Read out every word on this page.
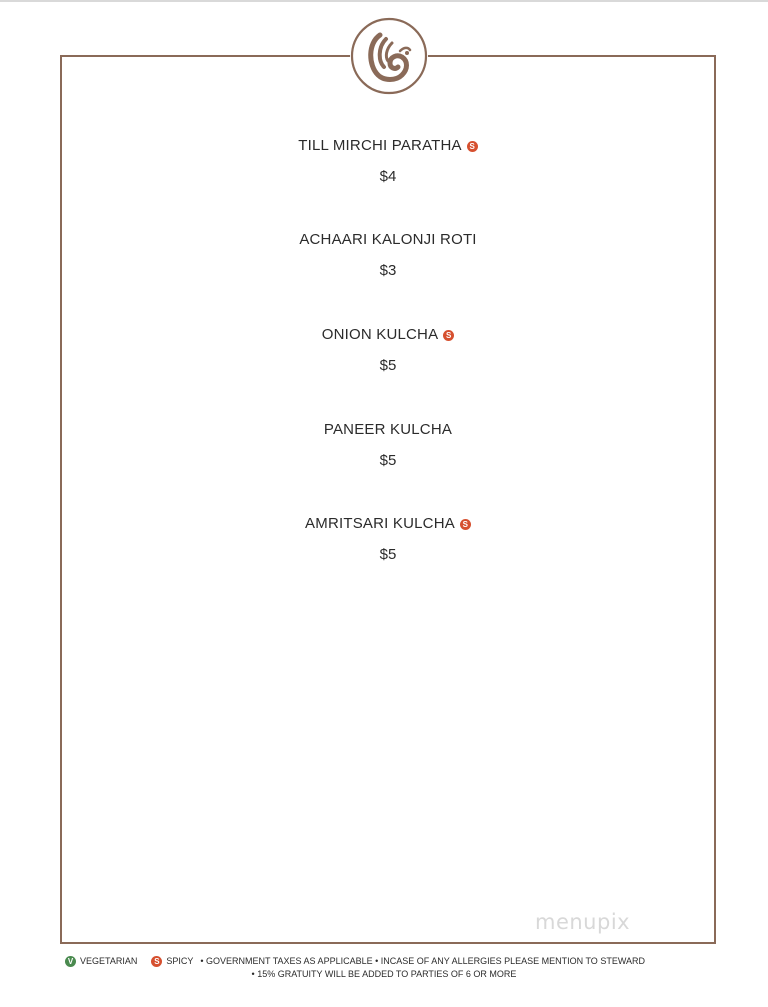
TILL MIRCHI PARATHA S
$4
ACHAARI KALONJI ROTI
$3
ONION KULCHA S
$5
PANEER KULCHA
$5
AMRITSARI KULCHA S
$5
menupix
V VEGETARIAN	S SPICY • GOVERNMENT TAXES AS APPLICABLE • INCASE OF ANY ALLERGIES PLEASE MENTION TO STEWARD
• 15% GRATUITY WILL BE ADDED TO PARTIES OF 6 OR MORE
